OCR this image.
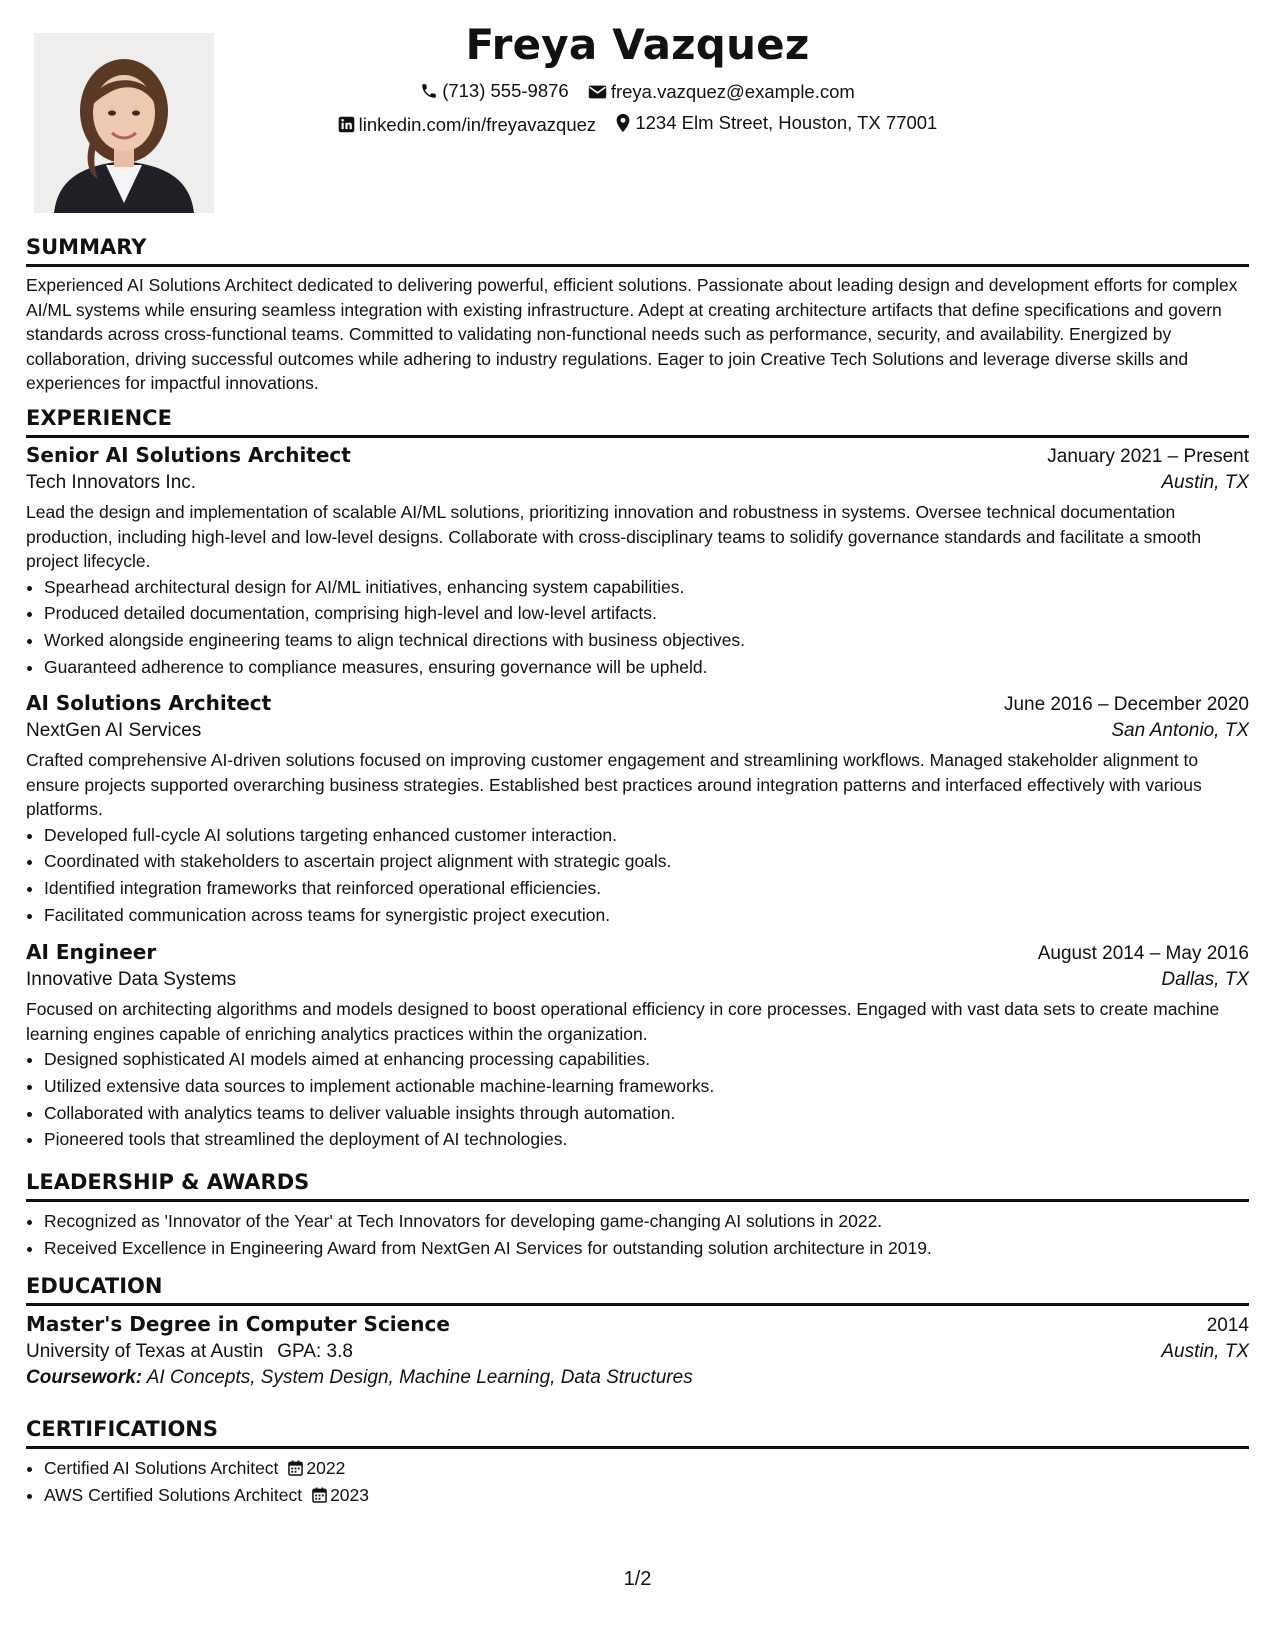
Freya Vazquez
(713) 555-9876
freya.vazquez@example.com
linkedin.com/in/freyavazquez
1234 Elm Street, Houston, TX 77001
SUMMARY
Experienced AI Solutions Architect dedicated to delivering powerful, efficient solutions. Passionate about leading design and development efforts for complex AI/ML systems while ensuring seamless integration with existing infrastructure. Adept at creating architecture artifacts that define specifications and govern standards across cross-functional teams. Committed to validating non-functional needs such as performance, security, and availability. Energized by collaboration, driving successful outcomes while adhering to industry regulations. Eager to join Creative Tech Solutions and leverage diverse skills and experiences for impactful innovations.
EXPERIENCE
Senior AI Solutions Architect	January 2021 – Present
Tech Innovators Inc.	Austin, TX
Lead the design and implementation of scalable AI/ML solutions, prioritizing innovation and robustness in systems. Oversee technical documentation production, including high-level and low-level designs. Collaborate with cross-disciplinary teams to solidify governance standards and facilitate a smooth project lifecycle.
• Spearhead architectural design for AI/ML initiatives, enhancing system capabilities.
• Produced detailed documentation, comprising high-level and low-level artifacts.
• Worked alongside engineering teams to align technical directions with business objectives.
• Guaranteed adherence to compliance measures, ensuring governance will be upheld.
AI Solutions Architect	June 2016 – December 2020
NextGen AI Services	San Antonio, TX
Crafted comprehensive AI-driven solutions focused on improving customer engagement and streamlining workflows. Managed stakeholder alignment to ensure projects supported overarching business strategies. Established best practices around integration patterns and interfaced effectively with various platforms.
• Developed full-cycle AI solutions targeting enhanced customer interaction.
• Coordinated with stakeholders to ascertain project alignment with strategic goals.
• Identified integration frameworks that reinforced operational efficiencies.
• Facilitated communication across teams for synergistic project execution.
AI Engineer	August 2014 – May 2016
Innovative Data Systems	Dallas, TX
Focused on architecting algorithms and models designed to boost operational efficiency in core processes. Engaged with vast data sets to create machine learning engines capable of enriching analytics practices within the organization.
• Designed sophisticated AI models aimed at enhancing processing capabilities.
• Utilized extensive data sources to implement actionable machine-learning frameworks.
• Collaborated with analytics teams to deliver valuable insights through automation.
• Pioneered tools that streamlined the deployment of AI technologies.
LEADERSHIP & AWARDS
• Recognized as 'Innovator of the Year' at Tech Innovators for developing game-changing AI solutions in 2022.
• Received Excellence in Engineering Award from NextGen AI Services for outstanding solution architecture in 2019.
EDUCATION
Master's Degree in Computer Science	2014
University of Texas at Austin GPA: 3.8	Austin, TX
Coursework: AI Concepts, System Design, Machine Learning, Data Structures
CERTIFICATIONS
• Certified AI Solutions Architect 2022
• AWS Certified Solutions Architect 2023
1/2
